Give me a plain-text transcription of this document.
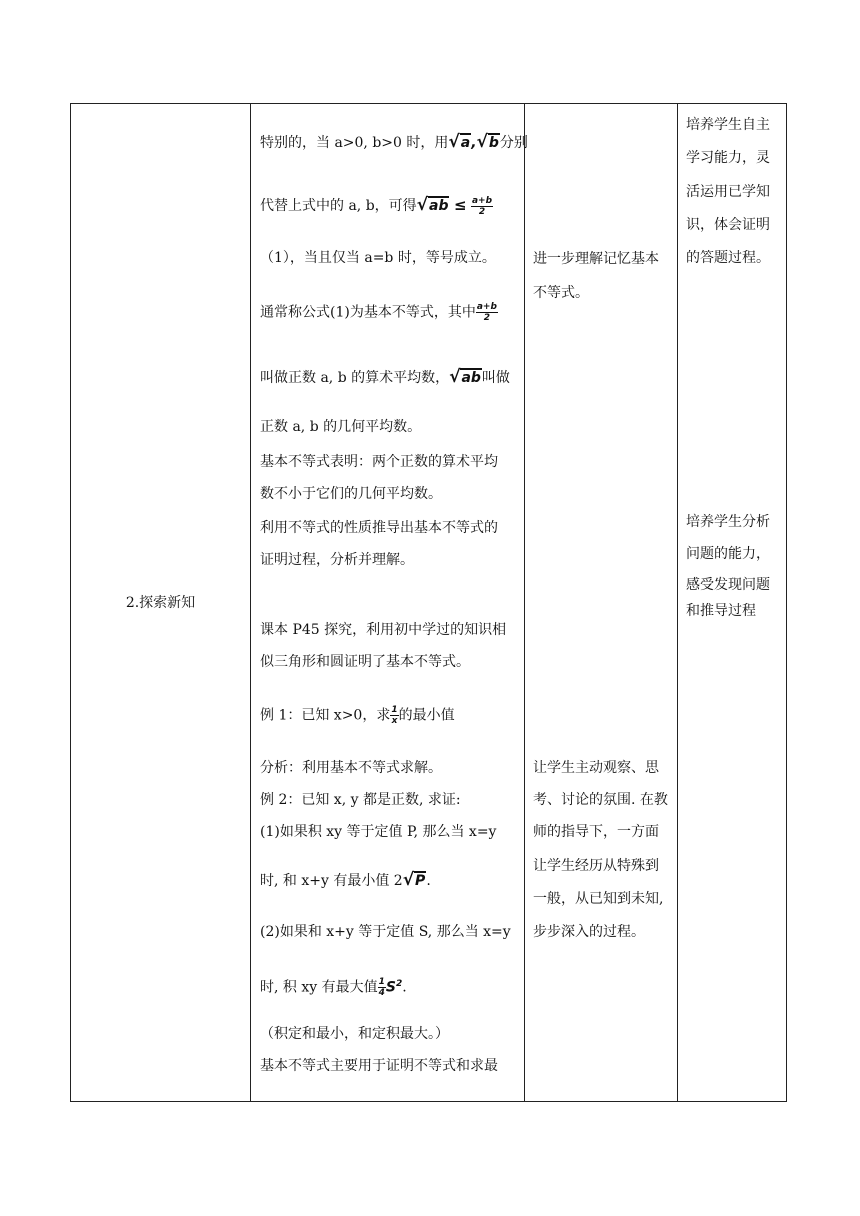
2.探索新知
特别的，当 a>0, b>0 时，用√a,√b分别
代替上式中的 a, b，可得$√ab \le \frac{a+b}{2}$
（1），当且仅当 a=b 时，等号成立。
通常称公式(1)为基本不等式，其中 $\frac{a+b}{2}$
叫做正数 a, b 的算术平均数，√ab叫做
正数 a, b 的几何平均数。
基本不等式表明：两个正数的算术平均
数不小于它们的几何平均数。
利用不等式的性质推导出基本不等式的
证明过程，分析并理解。
课本 P45 探究，利用初中学过的知识相
似三角形和圆证明了基本不等式。
例 1：已知 x>0，求 $\frac{1}{x}$ 的最小值
分析：利用基本不等式求解。
例 2：已知 x, y 都是正数, 求证:
(1)如果积 xy 等于定值 P, 那么当 x=y
时, 和 x+y 有最小值 2√P.
(2)如果和 x+y 等于定值 S, 那么当 x=y
时, 积 xy 有最大值 $\frac{1}{4} S^2$.
（积定和最小，和定积最大。）
基本不等式主要用于证明不等式和求最
进一步理解记忆基本
不等式。
让学生主动观察、思
考、讨论的氛围. 在教
师的指导下，一方面
让学生经历从特殊到
一般，从已知到未知,
步步深入的过程。
培养学生自主
学习能力，灵
活运用已学知
识，体会证明
的答题过程。
培养学生分析
问题的能力，
感受发现问题
和推导过程
